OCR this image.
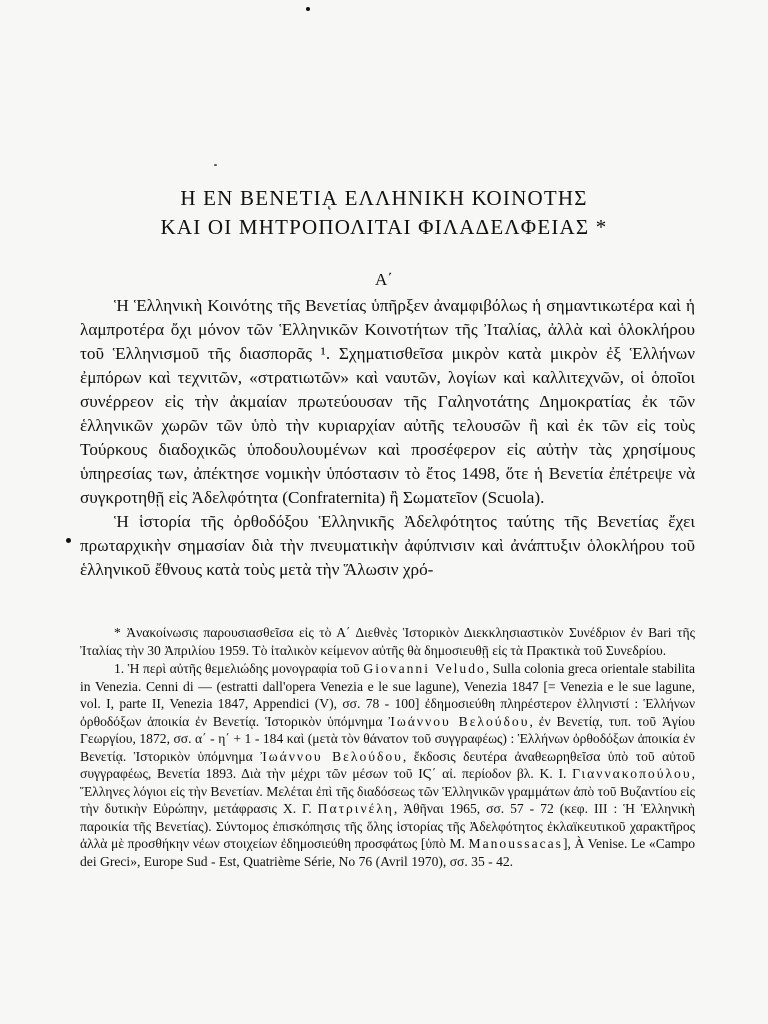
Η ΕΝ ΒΕΝΕΤΙᾼ ΕΛΛΗΝΙΚΗ ΚΟΙΝΟΤΗΣ
ΚΑΙ ΟΙ ΜΗΤΡΟΠΟΛΙΤΑΙ ΦΙΛΑΔΕΛΦΕΙΑΣ *
Α΄

Ἡ Ἑλληνικὴ Κοινότης τῆς Βενετίας ὑπῆρξεν ἀναμφιβόλως ἡ σημαντικωτέρα καὶ ἡ λαμπροτέρα ὄχι μόνον τῶν Ἑλληνικῶν Κοινοτήτων τῆς Ἰταλίας, ἀλλὰ καὶ ὁλοκλήρου τοῦ Ἑλληνισμοῦ τῆς διασπορᾶς ¹. Σχηματισθεῖσα μικρὸν κατὰ μικρὸν ἐξ Ἑλλήνων ἐμπόρων καὶ τεχνιτῶν, «στρατιωτῶν» καὶ ναυτῶν, λογίων καὶ καλλιτεχνῶν, οἱ ὁποῖοι συνέρρεον εἰς τὴν ἀκμαίαν πρωτεύουσαν τῆς Γαληνοτάτης Δημοκρατίας ἐκ τῶν ἑλληνικῶν χωρῶν τῶν ὑπὸ τὴν κυριαρχίαν αὐτῆς τελουσῶν ἢ καὶ ἐκ τῶν εἰς τοὺς Τούρκους διαδοχικῶς ὑποδουλουμένων καὶ προσέφερον εἰς αὐτὴν τὰς χρησίμους ὑπηρεσίας των, ἀπέκτησε νομικὴν ὑπόστασιν τὸ ἔτος 1498, ὅτε ἡ Βενετία ἐπέτρεψε νὰ συγκροτηθῇ εἰς Ἀδελφότητα (Confraternita) ἢ Σωματεῖον (Scuola).

Ἡ ἱστορία τῆς ὀρθοδόξου Ἑλληνικῆς Ἀδελφότητος ταύτης τῆς Βενετίας ἔχει πρωταρχικὴν σημασίαν διὰ τὴν πνευματικὴν ἀφύπνισιν καὶ ἀνάπτυξιν ὁλοκλήρου τοῦ ἑλληνικοῦ ἔθνους κατὰ τοὺς μετὰ τὴν Ἅλωσιν χρό-

* Ἀνακοίνωσις παρουσιασθεῖσα εἰς τὸ Α΄ Διεθνὲς Ἱστορικὸν Διεκκλησιαστικὸν Συνέδριον ἐν Bari τῆς Ἰταλίας τὴν 30 Ἀπριλίου 1959. Τὸ ἰταλικὸν κείμενον αὐτῆς θὰ δημοσιευθῇ εἰς τὰ Πρακτικὰ τοῦ Συνεδρίου.

1. Ἡ περὶ αὐτῆς θεμελιώδης μονογραφία τοῦ Giovanni Veludo, Sulla colonia greca orientale stabilita in Venezia. Cenni di — (estratti dall'opera Venezia e le sue lagune), Venezia 1847 [= Venezia e le sue lagune, vol. I, parte II, Venezia 1847, Appendici (V), σσ. 78 - 100] ἐδημοσιεύθη πληρέστερον ἑλληνιστί : Ἑλλήνων ὀρθοδόξων ἀποικία ἐν Βενετίᾳ. Ἱστορικὸν ὑπόμνημα Ἰωάννου Βελούδου, ἐν Βενετίᾳ, τυπ. τοῦ Ἁγίου Γεωργίου, 1872, σσ. α΄ - η΄ + 1 - 184 καὶ (μετὰ τὸν θάνατον τοῦ συγγραφέως) : Ἑλλήνων ὀρθοδόξων ἀποικία ἐν Βενετίᾳ. Ἱστορικὸν ὑπόμνημα Ἰωάννου Βελούδου, ἔκδοσις δευτέρα ἀναθεωρηθεῖσα ὑπὸ τοῦ αὐτοῦ συγγραφέως, Βενετία 1893. Διὰ τὴν μέχρι τῶν μέσων τοῦ ΙϚ΄ αἰ. περίοδον βλ. Κ. Ι. Γιαννακοπούλου, Ἕλληνες λόγιοι εἰς τὴν Βενετίαν. Μελέται ἐπὶ τῆς διαδόσεως τῶν Ἑλληνικῶν γραμμάτων ἀπὸ τοῦ Βυζαντίου εἰς τὴν δυτικὴν Εὐρώπην, μετάφρασις Χ. Γ. Πατρινέλη, Ἀθῆναι 1965, σσ. 57 - 72 (κεφ. III : Ἡ Ἑλληνικὴ παροικία τῆς Βενετίας). Σύντομος ἐπισκόπησις τῆς ὅλης ἱστορίας τῆς Ἀδελφότητος ἐκλαϊκευτικοῦ χαρακτῆρος ἀλλὰ μὲ προσθήκην νέων στοιχείων ἐδημοσιεύθη προσφάτως [ὑπὸ M. Manoussacas], À Venise. Le «Campo dei Greci», Europe Sud - Est, Quatrième Série, No 76 (Avril 1970), σσ. 35 - 42.
